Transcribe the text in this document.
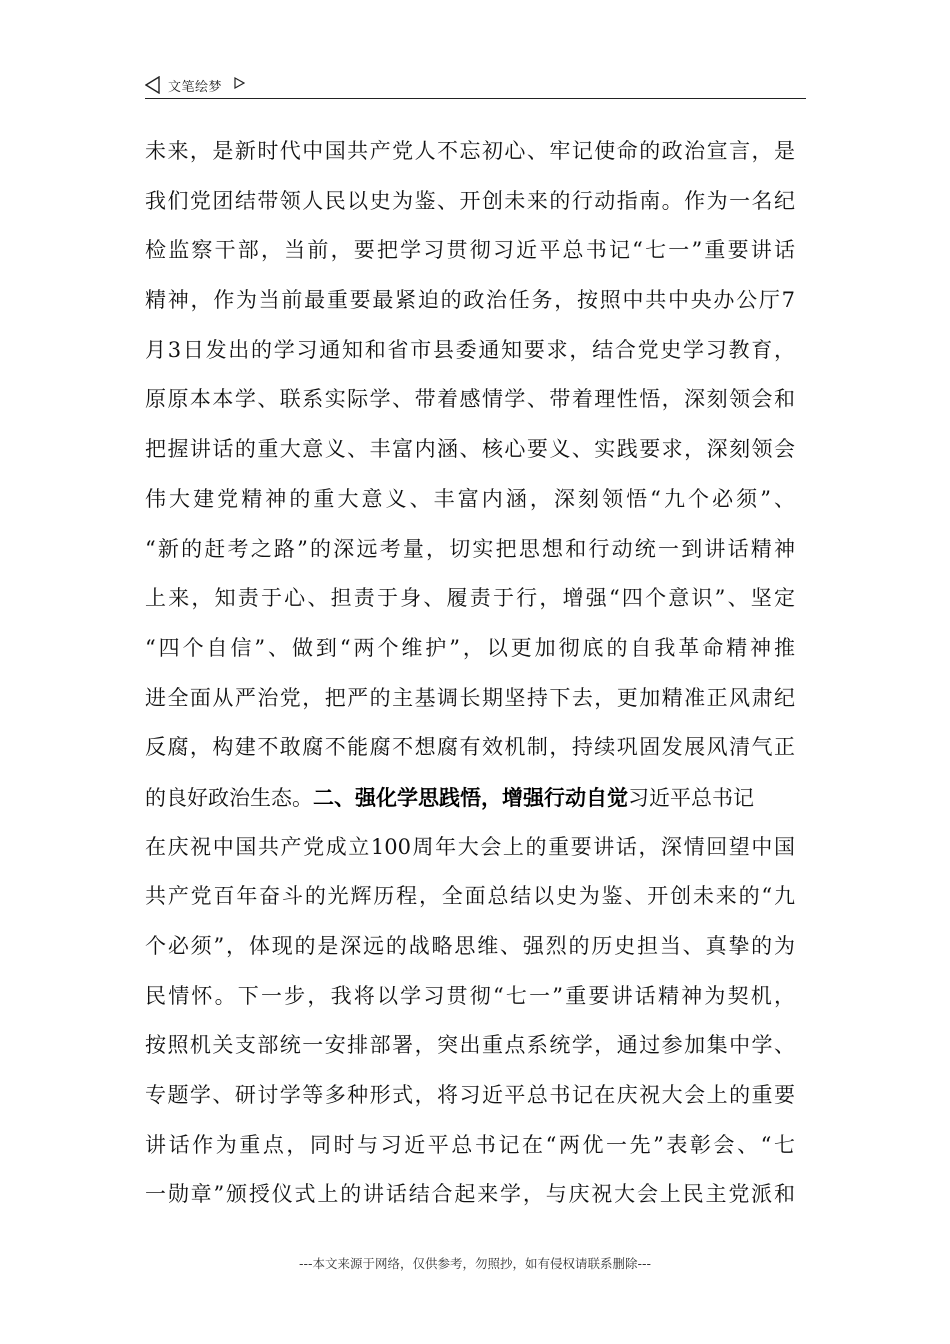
文笔绘梦
未来，是新时代中国共产党人不忘初心、牢记使命的政治宣言，是
我们党团结带领人民以史为鉴、开创未来的行动指南。作为一名纪
检监察干部，当前，要把学习贯彻习近平总书记“七一”重要讲话
精神，作为当前最重要最紧迫的政治任务，按照中共中央办公厅7
月3日发出的学习通知和省市县委通知要求，结合党史学习教育，
原原本本学、联系实际学、带着感情学、带着理性悟，深刻领会和
把握讲话的重大意义、丰富内涵、核心要义、实践要求，深刻领会
伟大建党精神的重大意义、丰富内涵，深刻领悟“九个必须”、
“新的赶考之路”的深远考量，切实把思想和行动统一到讲话精神
上来，知责于心、担责于身、履责于行，增强“四个意识”、坚定
“四个自信”、做到“两个维护”，以更加彻底的自我革命精神推
进全面从严治党，把严的主基调长期坚持下去，更加精准正风肃纪
反腐，构建不敢腐不能腐不想腐有效机制，持续巩固发展风清气正
的良好政治生态。二、强化学思践悟，增强行动自觉习近平总书记
在庆祝中国共产党成立100周年大会上的重要讲话，深情回望中国
共产党百年奋斗的光辉历程，全面总结以史为鉴、开创未来的“九
个必须”，体现的是深远的战略思维、强烈的历史担当、真挚的为
民情怀。下一步，我将以学习贯彻“七一”重要讲话精神为契机，
按照机关支部统一安排部署，突出重点系统学，通过参加集中学、
专题学、研讨学等多种形式，将习近平总书记在庆祝大会上的重要
讲话作为重点，同时与习近平总书记在“两优一先”表彰会、“七
一勋章”颁授仪式上的讲话结合起来学，与庆祝大会上民主党派和
---本文来源于网络，仅供参考，勿照抄，如有侵权请联系删除---
